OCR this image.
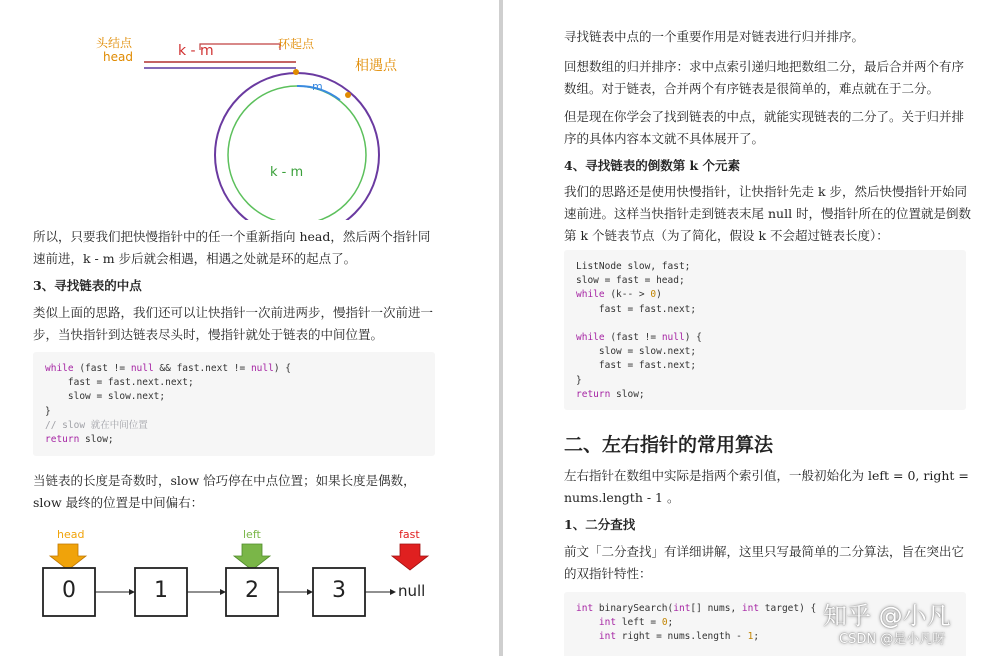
头结点
head	k - m	环起点
相遇点
m
k - m

所以，只要我们把快慢指针中的任一个重新指向 head，然后两个指针同速前进，k - m 步后就会相遇，相遇之处就是环的起点了。

3、寻找链表的中点

类似上面的思路，我们还可以让快指针一次前进两步，慢指针一次前进一步，当快指针到达链表尽头时，慢指针就处于链表的中间位置。

while (fast != null && fast.next != null) {
fast = fast.next.next;
slow = slow.next;
}
// slow 就在中间位置
return slow;

当链表的长度是奇数时，slow 恰巧停在中点位置；如果长度是偶数，slow 最终的位置是中间偏右：

head	left	fast
0	1	2	3	null

寻找链表中点的一个重要作用是对链表进行归并排序。

回想数组的归并排序：求中点索引递归地把数组二分，最后合并两个有序数组。对于链表，合并两个有序链表是很简单的，难点就在于二分。

但是现在你学会了找到链表的中点，就能实现链表的二分了。关于归并排序的具体内容本文就不具体展开了。

4、寻找链表的倒数第 k 个元素

我们的思路还是使用快慢指针，让快指针先走 k 步，然后快慢指针开始同速前进。这样当快指针走到链表末尾 null 时，慢指针所在的位置就是倒数第 k 个链表节点（为了简化，假设 k 不会超过链表长度）：

ListNode slow, fast;
slow = fast = head;
while (k-- > 0)
fast = fast.next;

while (fast != null) {
slow = slow.next;
fast = fast.next;
}
return slow;
二、左右指针的常用算法

左右指针在数组中实际是指两个索引值，一般初始化为 left = 0, right = nums.length - 1 。

1、二分查找

前文「二分查找」有详细讲解，这里只写最简单的二分算法，旨在突出它的双指针特性：

int binarySearch(int[] nums, int target) {
int left = 0;
int right = nums.length - 1;
知乎 @小凡
CSDN @是小凡呀
